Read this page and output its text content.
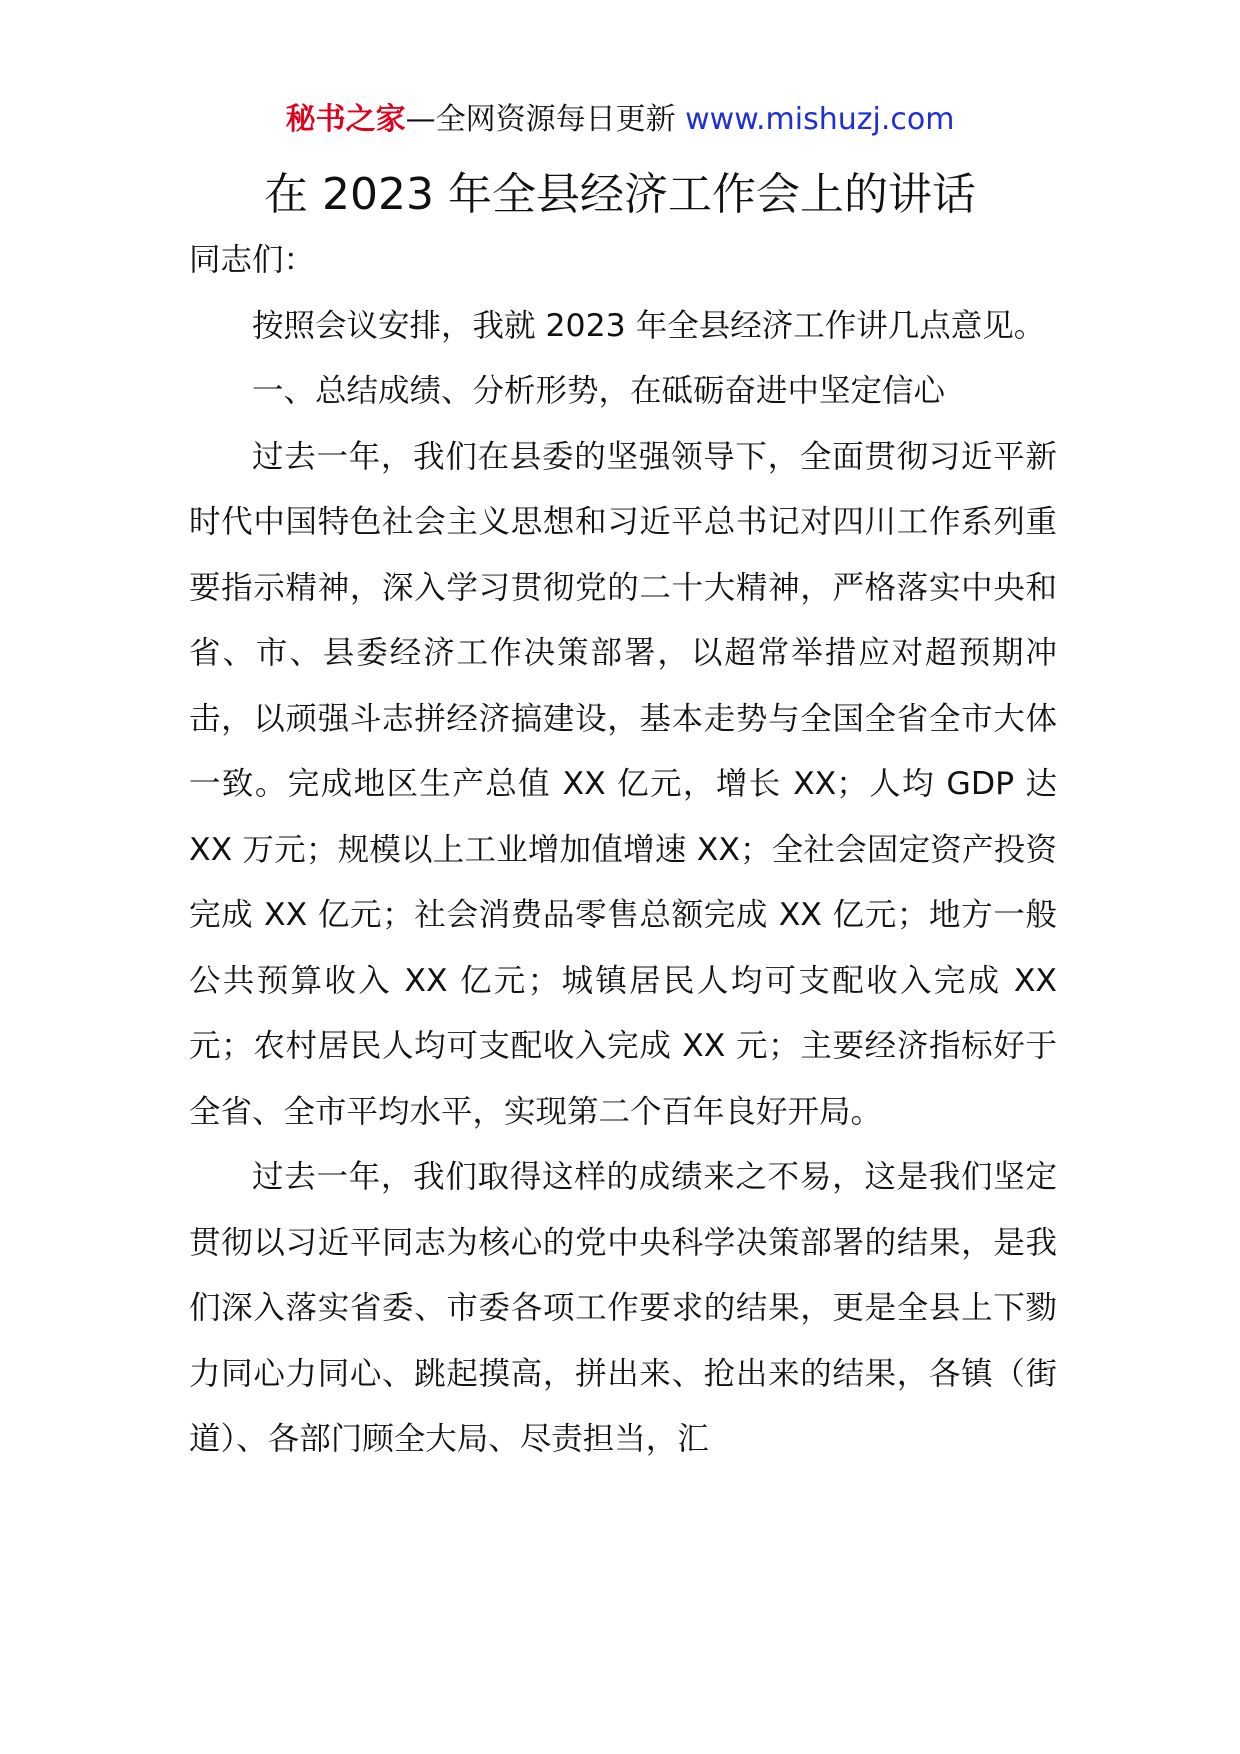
秘书之家—全网资源每日更新 www.mishuzj.com
在 2023 年全县经济工作会上的讲话

同志们：

按照会议安排，我就 2023 年全县经济工作讲几点意见。

一、总结成绩、分析形势，在砥砺奋进中坚定信心

过去一年，我们在县委的坚强领导下，全面贯彻习近平新时代中国特色社会主义思想和习近平总书记对四川工作系列重要指示精神，深入学习贯彻党的二十大精神，严格落实中央和省、市、县委经济工作决策部署，以超常举措应对超预期冲击，以顽强斗志拼经济搞建设，基本走势与全国全省全市大体一致。完成地区生产总值 XX 亿元，增长 XX；人均 GDP 达 XX 万元；规模以上工业增加值增速 XX；全社会固定资产投资完成 XX 亿元；社会消费品零售总额完成 XX 亿元；地方一般公共预算收入 XX 亿元；城镇居民人均可支配收入完成 XX 元；农村居民人均可支配收入完成 XX 元；主要经济指标好于全省、全市平均水平，实现第二个百年良好开局。

过去一年，我们取得这样的成绩来之不易，这是我们坚定贯彻以习近平同志为核心的党中央科学决策部署的结果，是我们深入落实省委、市委各项工作要求的结果，更是全县上下勠力同心力同心、跳起摸高，拼出来、抢出来的结果，各镇（街道）、各部门顾全大局、尽责担当，汇
